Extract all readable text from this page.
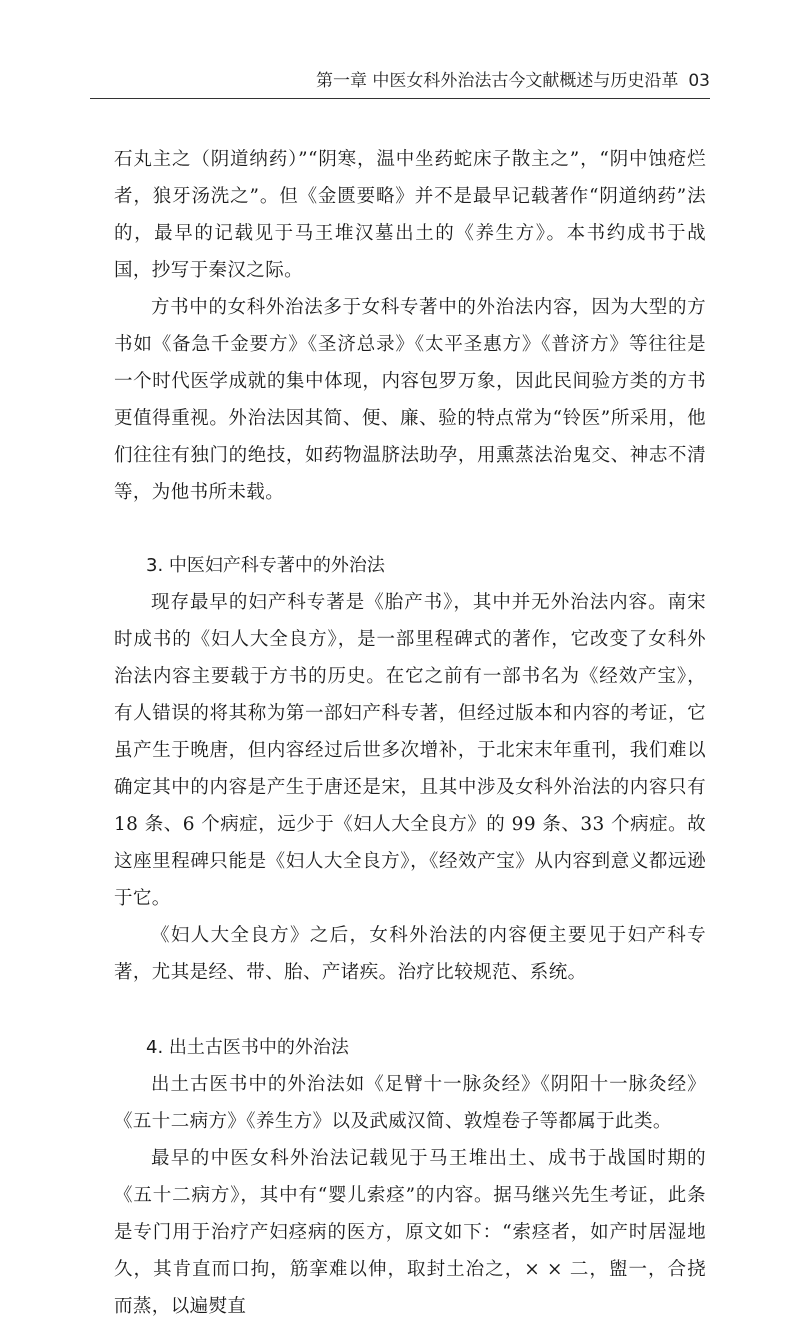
第一章 中医女科外治法古今文献概述与历史沿革 03

石丸主之（阴道纳药）”“阴寒，温中坐药蛇床子散主之”，“阴中蚀疮烂者，狼牙汤洗之”。但《金匮要略》并不是最早记载著作“阴道纳药”法的，最早的记载见于马王堆汉墓出土的《养生方》。本书约成书于战国，抄写于秦汉之际。

方书中的女科外治法多于女科专著中的外治法内容，因为大型的方书如《备急千金要方》《圣济总录》《太平圣惠方》《普济方》等往往是一个时代医学成就的集中体现，内容包罗万象，因此民间验方类的方书更值得重视。外治法因其简、便、廉、验的特点常为“铃医”所采用，他们往往有独门的绝技，如药物温脐法助孕，用熏蒸法治鬼交、神志不清等，为他书所未载。

3. 中医妇产科专著中的外治法

现存最早的妇产科专著是《胎产书》，其中并无外治法内容。南宋时成书的《妇人大全良方》，是一部里程碑式的著作，它改变了女科外治法内容主要载于方书的历史。在它之前有一部书名为《经效产宝》，有人错误的将其称为第一部妇产科专著，但经过版本和内容的考证，它虽产生于晚唐，但内容经过后世多次增补，于北宋末年重刊，我们难以确定其中的内容是产生于唐还是宋，且其中涉及女科外治法的内容只有 18 条、6 个病症，远少于《妇人大全良方》的 99 条、33 个病症。故这座里程碑只能是《妇人大全良方》，《经效产宝》从内容到意义都远逊于它。

《妇人大全良方》之后，女科外治法的内容便主要见于妇产科专著，尤其是经、带、胎、产诸疾。治疗比较规范、系统。

4. 出土古医书中的外治法

出土古医书中的外治法如《足臂十一脉灸经》《阴阳十一脉灸经》《五十二病方》《养生方》以及武威汉简、敦煌卷子等都属于此类。

最早的中医女科外治法记载见于马王堆出土、成书于战国时期的《五十二病方》，其中有“婴儿索痉”的内容。据马继兴先生考证，此条是专门用于治疗产妇痉病的医方，原文如下：“索痉者，如产时居湿地久，其肯直而口拘，筋挛难以伸，取封土冶之，× × 二，盥一，合挠而蒸，以遍熨直
